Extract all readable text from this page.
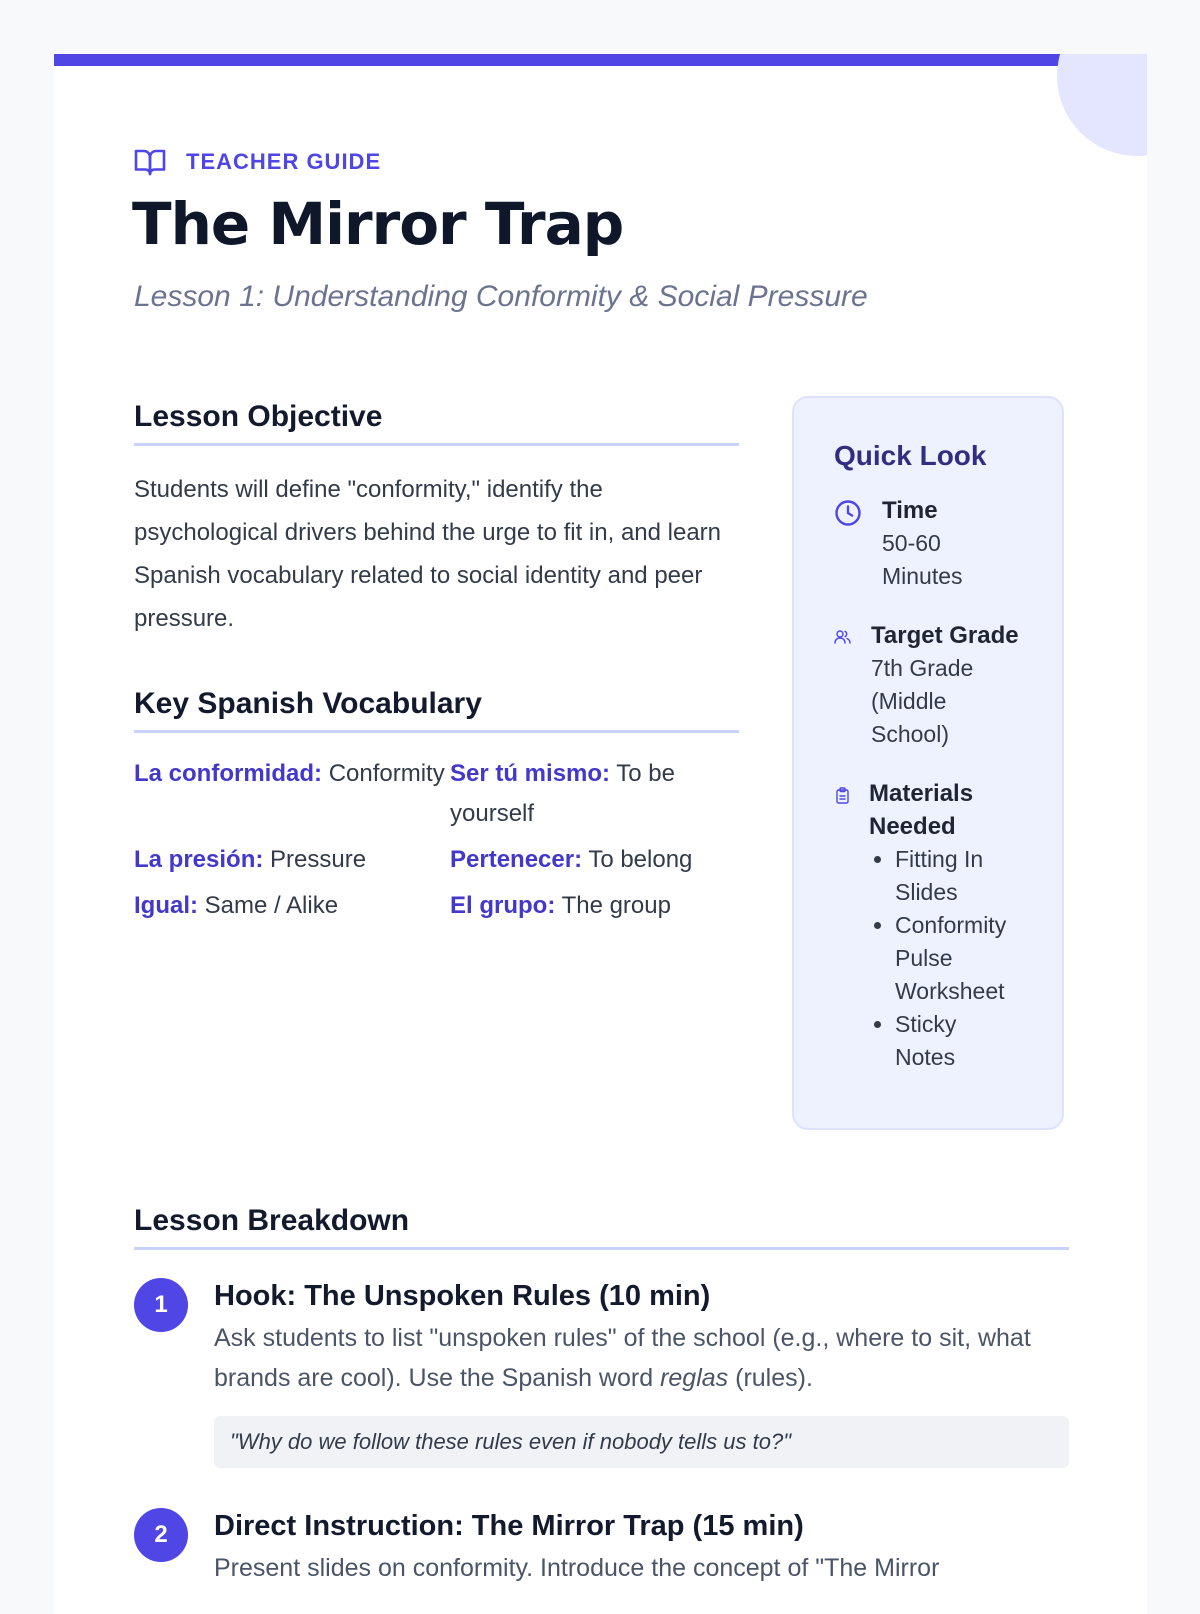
TEACHER GUIDE
The Mirror Trap

Lesson 1: Understanding Conformity & Social Pressure

Lesson Objective

Students will define "conformity," identify the psychological drivers behind the urge to fit in, and learn Spanish vocabulary related to social identity and peer pressure.

Key Spanish Vocabulary
La conformidad: Conformity Ser tú mismo: To be yourself
La presión: Pressure	Pertenecer: To belong
Igual: Same / Alike	El grupo: The group
Quick Look
Time
50-60 Minutes
Target Grade
7th Grade (Middle School)
Materials Needed
• Fitting In Slides
• Conformity Pulse Worksheet
• Sticky Notes
Lesson Breakdown
1	Hook: The Unspoken Rules (10 min)

Ask students to list "unspoken rules" of the school (e.g., where to sit, what brands are cool). Use the Spanish word reglas (rules).

"Why do we follow these rules even if nobody tells us to?"
2	Direct Instruction: The Mirror Trap (15 min)

Present slides on conformity. Introduce the concept of "The Mirror
